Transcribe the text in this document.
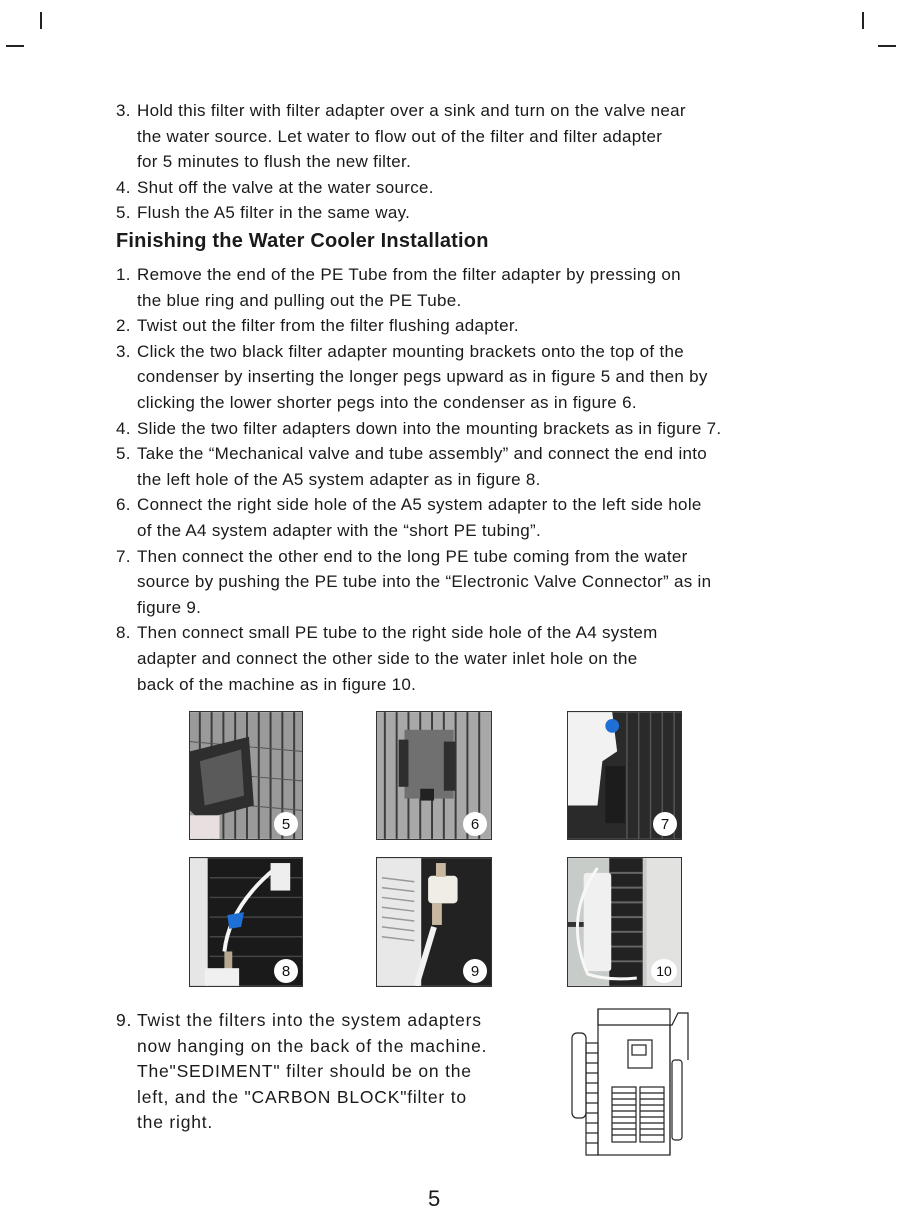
3. Hold this filter with filter adapter over a sink and turn on the valve near
the water source. Let water to flow out of the filter and filter adapter
for 5 minutes to flush the new filter.
4. Shut off the valve at the water source.
5. Flush the A5 filter in the same way.
Finishing the Water Cooler Installation
1. Remove the end of the PE Tube from the filter adapter by pressing on
the blue ring and pulling out the PE Tube.
2. Twist out the filter from the filter flushing adapter.
3. Click the two black filter adapter mounting brackets onto the top of the
condenser by inserting the longer pegs upward as in figure 5 and then by
clicking the lower shorter pegs into the condenser as in figure 6.
4. Slide the two filter adapters down into the mounting brackets as in figure 7.
5. Take the “Mechanical valve and tube assembly” and connect the end into
the left hole of the A5 system adapter as in figure 8.
6. Connect the right side hole of the A5 system adapter to the left side hole
of the A4 system adapter with the “short PE tubing”.
7. Then connect the other end to the long PE tube coming from the water
source by pushing the PE tube into the “Electronic Valve Connector” as in
figure 9.
8. Then connect small PE tube to the right side hole of the A4 system
adapter and connect the other side to the water inlet hole on the
back of the machine as in figure 10.
5	6	7
8	9	10
9. Twist the filters into the system adapters
now hanging on the back of the machine.
The"SEDIMENT" filter should be on the
left, and the "CARBON BLOCK"filter to
the right.
5
